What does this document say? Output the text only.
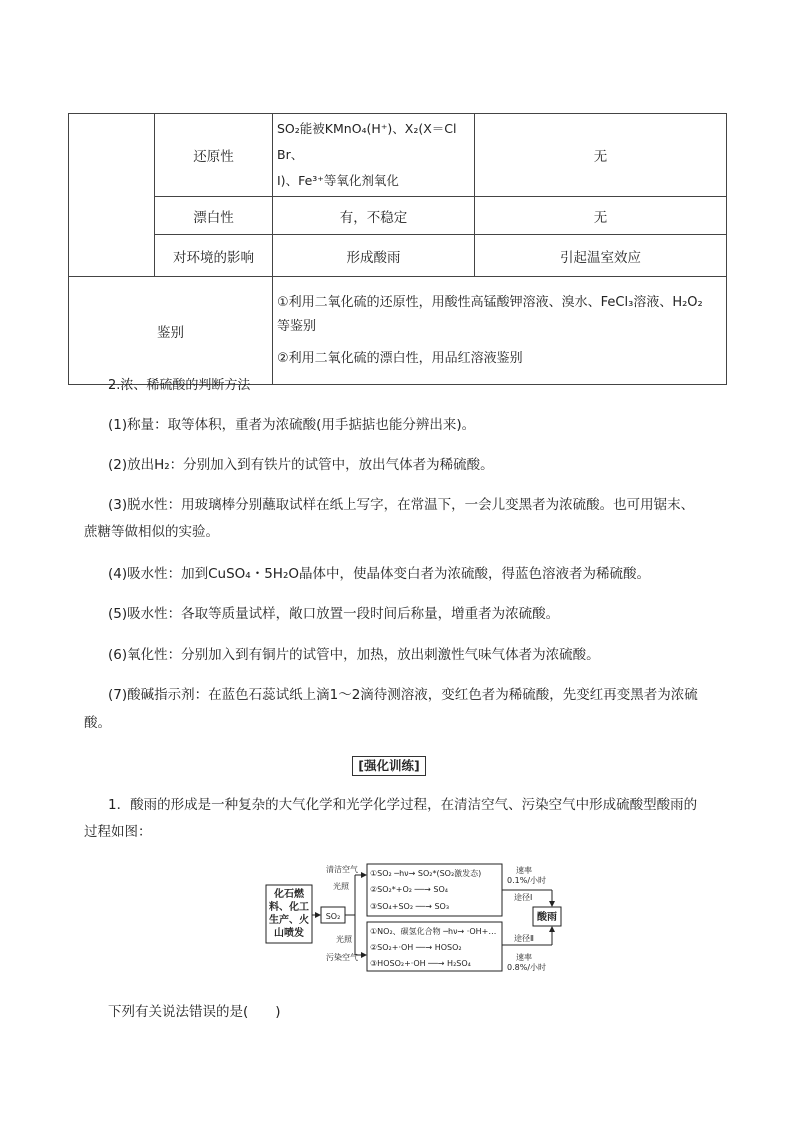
	还原性	SO₂能被KMnO₄(H⁺)、X₂(X＝Cl Br、
I)、Fe³⁺等氧化剂氧化	无
	漂白性	有，不稳定	无
	对环境的影响	形成酸雨	引起温室效应
鉴别		①利用二氧化硫的还原性，用酸性高锰酸钾溶液、溴水、FeCl₃溶液、H₂O₂
等鉴别
②利用二氧化硫的漂白性，用品红溶液鉴别	
2.浓、稀硫酸的判断方法
(1)称量：取等体积，重者为浓硫酸(用手掂掂也能分辨出来)。
(2)放出H₂：分别加入到有铁片的试管中，放出气体者为稀硫酸。
(3)脱水性：用玻璃棒分别蘸取试样在纸上写字，在常温下，一会儿变黑者为浓硫酸。也可用锯末、
蔗糖等做相似的实验。
(4)吸水性：加到CuSO₄・5H₂O晶体中，使晶体变白者为浓硫酸，得蓝色溶液者为稀硫酸。
(5)吸水性：各取等质量试样，敞口放置一段时间后称量，增重者为浓硫酸。
(6)氧化性：分别加入到有铜片的试管中，加热，放出刺激性气味气体者为浓硫酸。
(7)酸碱指示剂：在蓝色石蕊试纸上滴1～2滴待测溶液，变红色者为稀硫酸，先变红再变黑者为浓硫
酸。
[强化训练]
1．酸雨的形成是一种复杂的大气化学和光学化学过程，在清洁空气、污染空气中形成硫酸型酸雨的
过程如图：
化石燃
料、化工
生产、火
山喷发
SO₂
清洁空气
光照
光照
污染空气
①SO₂ ─hν→ SO₂*(SO₂激发态)
②SO₂*+O₂ ──→ SO₄
③SO₄+SO₂ ──→ SO₃
①NO₂、碳氢化合物 ─hν→ ·OH+…
②SO₂+·OH ──→ HOSO₂
③HOSO₂+·OH ──→ H₂SO₄
速率
0.1%/小时
途径Ⅰ
酸雨
途径Ⅱ
速率
0.8%/小时
下列有关说法错误的是(　　)
